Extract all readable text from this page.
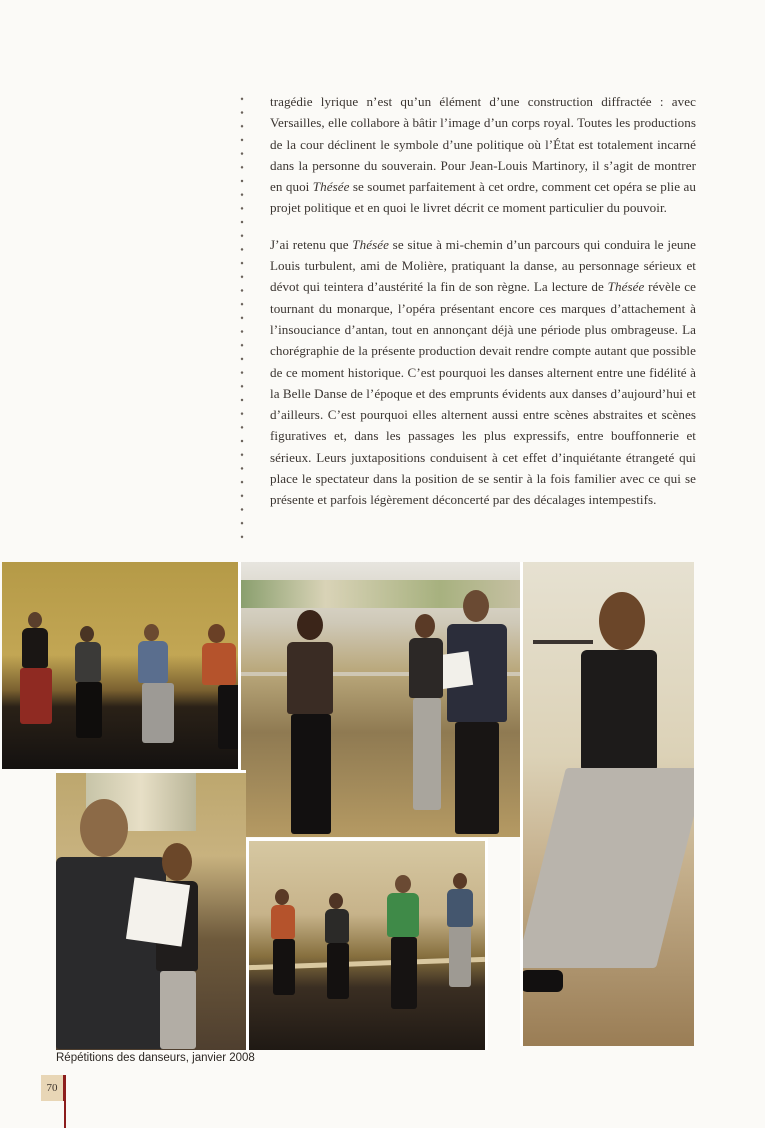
tragédie lyrique n’est qu’un élément d’une construction diffractée : avec Versailles, elle collabore à bâtir l’image d’un corps royal. Toutes les productions de la cour déclinent le symbole d’une politique où l’État est totalement incarné dans la personne du souverain. Pour Jean-Louis Martinory, il s’agit de montrer en quoi Thésée se soumet parfaitement à cet ordre, comment cet opéra se plie au projet politique et en quoi le livret décrit ce moment particulier du pouvoir.

J’ai retenu que Thésée se situe à mi-chemin d’un parcours qui conduira le jeune Louis turbulent, ami de Molière, pratiquant la danse, au personnage sérieux et dévot qui teintera d’austérité la fin de son règne. La lecture de Thésée révèle ce tournant du monarque, l’opéra présentant encore ces marques d’attachement à l’insouciance d’antan, tout en annonçant déjà une période plus ombrageuse. La chorégraphie de la présente production devait rendre compte autant que possible de ce moment historique. C’est pourquoi les danses alternent entre une fidélité à la Belle Danse de l’époque et des emprunts évidents aux danses d’aujourd’hui et d’ailleurs. C’est pourquoi elles alternent aussi entre scènes abstraites et scènes figuratives et, dans les passages les plus expressifs, entre bouffonnerie et sérieux. Leurs juxtapositions conduisent à cet effet d’inquiétante étrangeté qui place le spectateur dans la position de se sentir à la fois familier avec ce qui se présente et parfois légèrement déconcerté par des décalages intempestifs.

Répétitions des danseurs, janvier 2008
70
